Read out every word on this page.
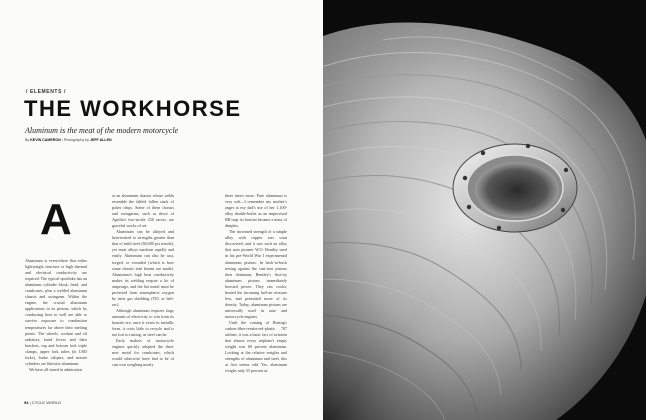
/ ELEMENTS /
THE WORKHORSE
Aluminum is the meat of the modern motorcycle
By KEVIN CAMERON / Photography by JEFF ALLEN
A

Aluminum is everywhere that either lightweight structure or high thermal and electrical conductivity are required. The typical sportbike has an aluminum cylinder block, head, and crankcases, plus a welded aluminum chassis and swingarm. Within the engine, the crucial aluminum applications in its pistons, which by conducting heat so well are able to survive exposure to combustion temperatures far above their melting points. The wheels, coolant and oil radiators, hand levers and their brackets, top and bottom fork triple clamps, upper fork tubes (in USD forks), brake calipers, and master cylinders are likewise aluminum.

We have all stared in admiration

at an aluminum chassis whose welds resemble the fabled fallen stack of poker chips. Some of these chassis and swingarms, such as those of Aprilia's two-stroke 250 racers, are graceful works of art.

Aluminum can be alloyed and heat-treated to strengths greater than that of mild steel (60,000 psi tensile), yet most alloys machine rapidly and easily. Aluminum can also be cast, forged, or extruded (which is how some chassis side beams are made). Aluminum's high heat conductivity makes its welding require a lot of amperage, and the hot metal must be protected from atmospheric oxygen by inert gas shielding (TIG or heli-arc).

Although aluminum requires large amounts of electricity to win from its bauxite ore, once it exists in metallic form, it costs little to recycle and is not lost to rusting, as steel can be.

Early makers of motorcycle engines quickly adopted the then-new metal for crankcases, which would otherwise have had to be of cast iron weighing nearly

three times more. Pure aluminum is very soft—I remember my mother's anger at my dad's use of her 1,100-alloy double-boiler as an improvised BB trap: its bottom became a mass of dimples.

The increased strength of a simple alloy with copper was soon discovered, and it was such an alloy that auto pioneer W.O. Bentley used in his pre-World War I experimental aluminum pistons. In back-to-back testing against the cast-iron pistons then dominant, Bentley's first-try aluminum pistons immediately boosted power. They ran cooler, heated the incoming fuel-air mixture less, and permitted more of its density. Today, aluminum pistons are universally used in auto and motorcycle engines.

Until the coming of Boeing's carbon-fiber-reinforced-plastic 787 airliner, it was a basic fact of aviation that almost every airplane's empty weight was 60 percent aluminum. Looking at the relative weights and strengths of aluminum and steel, this at first seems odd. Yes, aluminum weighs only 35 percent as

94 | CYCLE WORLD
